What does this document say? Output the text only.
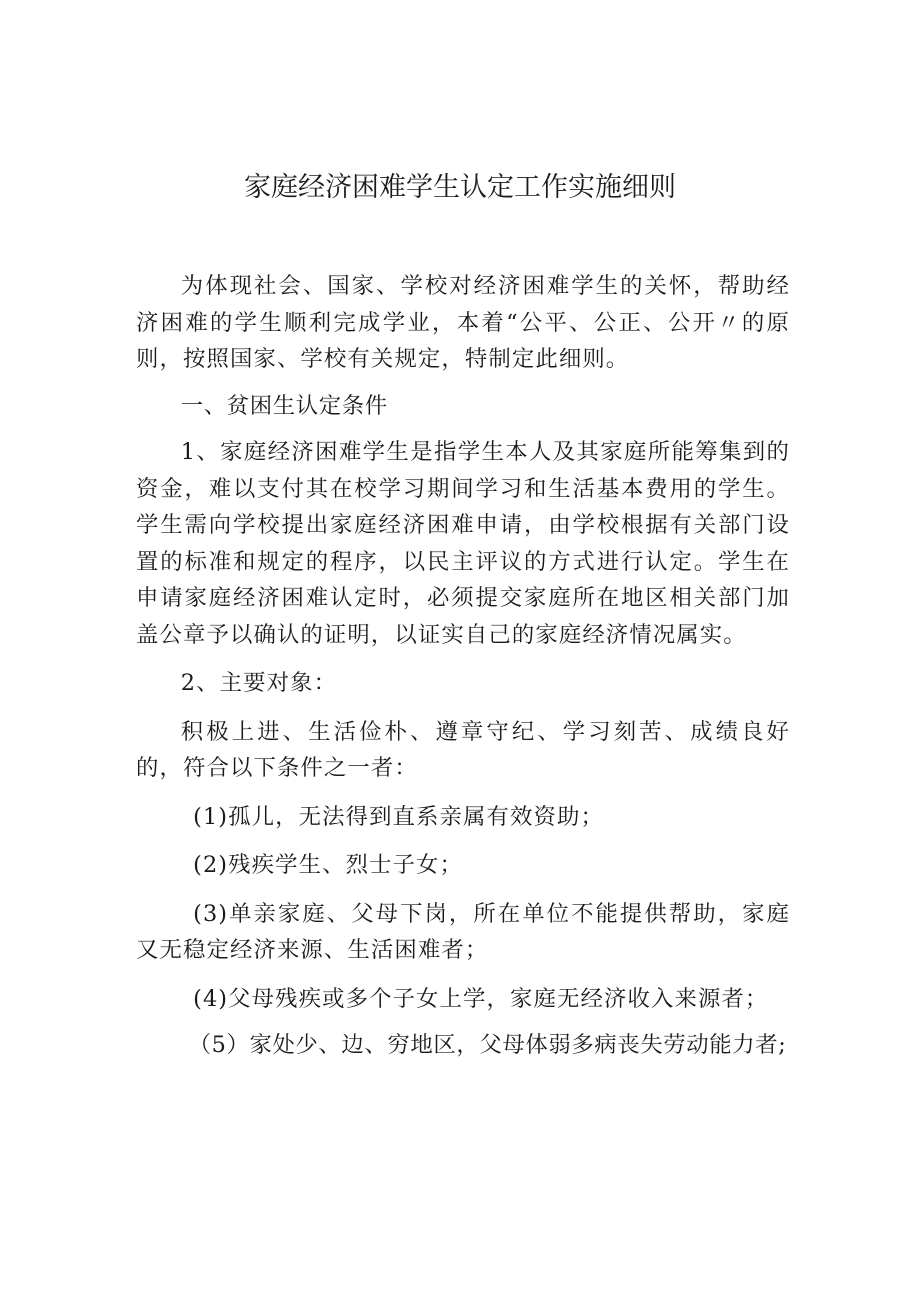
家庭经济困难学生认定工作实施细则

为体现社会、国家、学校对经济困难学生的关怀，帮助经济困难的学生顺利完成学业，本着“公平、公正、公开〃的原则，按照国家、学校有关规定，特制定此细则。

一、贫困生认定条件

1、家庭经济困难学生是指学生本人及其家庭所能筹集到的资金，难以支付其在校学习期间学习和生活基本费用的学生。学生需向学校提出家庭经济困难申请，由学校根据有关部门设置的标准和规定的程序，以民主评议的方式进行认定。学生在申请家庭经济困难认定时，必须提交家庭所在地区相关部门加盖公章予以确认的证明，以证实自己的家庭经济情况属实。

2、主要对象：

积极上进、生活俭朴、遵章守纪、学习刻苦、成绩良好的，符合以下条件之一者：

(1)孤儿，无法得到直系亲属有效资助；

(2)残疾学生、烈士子女；

(3)单亲家庭、父母下岗，所在单位不能提供帮助，家庭又无稳定经济来源、生活困难者；

(4)父母残疾或多个子女上学，家庭无经济收入来源者；

（5）家处少、边、穷地区，父母体弱多病丧失劳动能力者;
